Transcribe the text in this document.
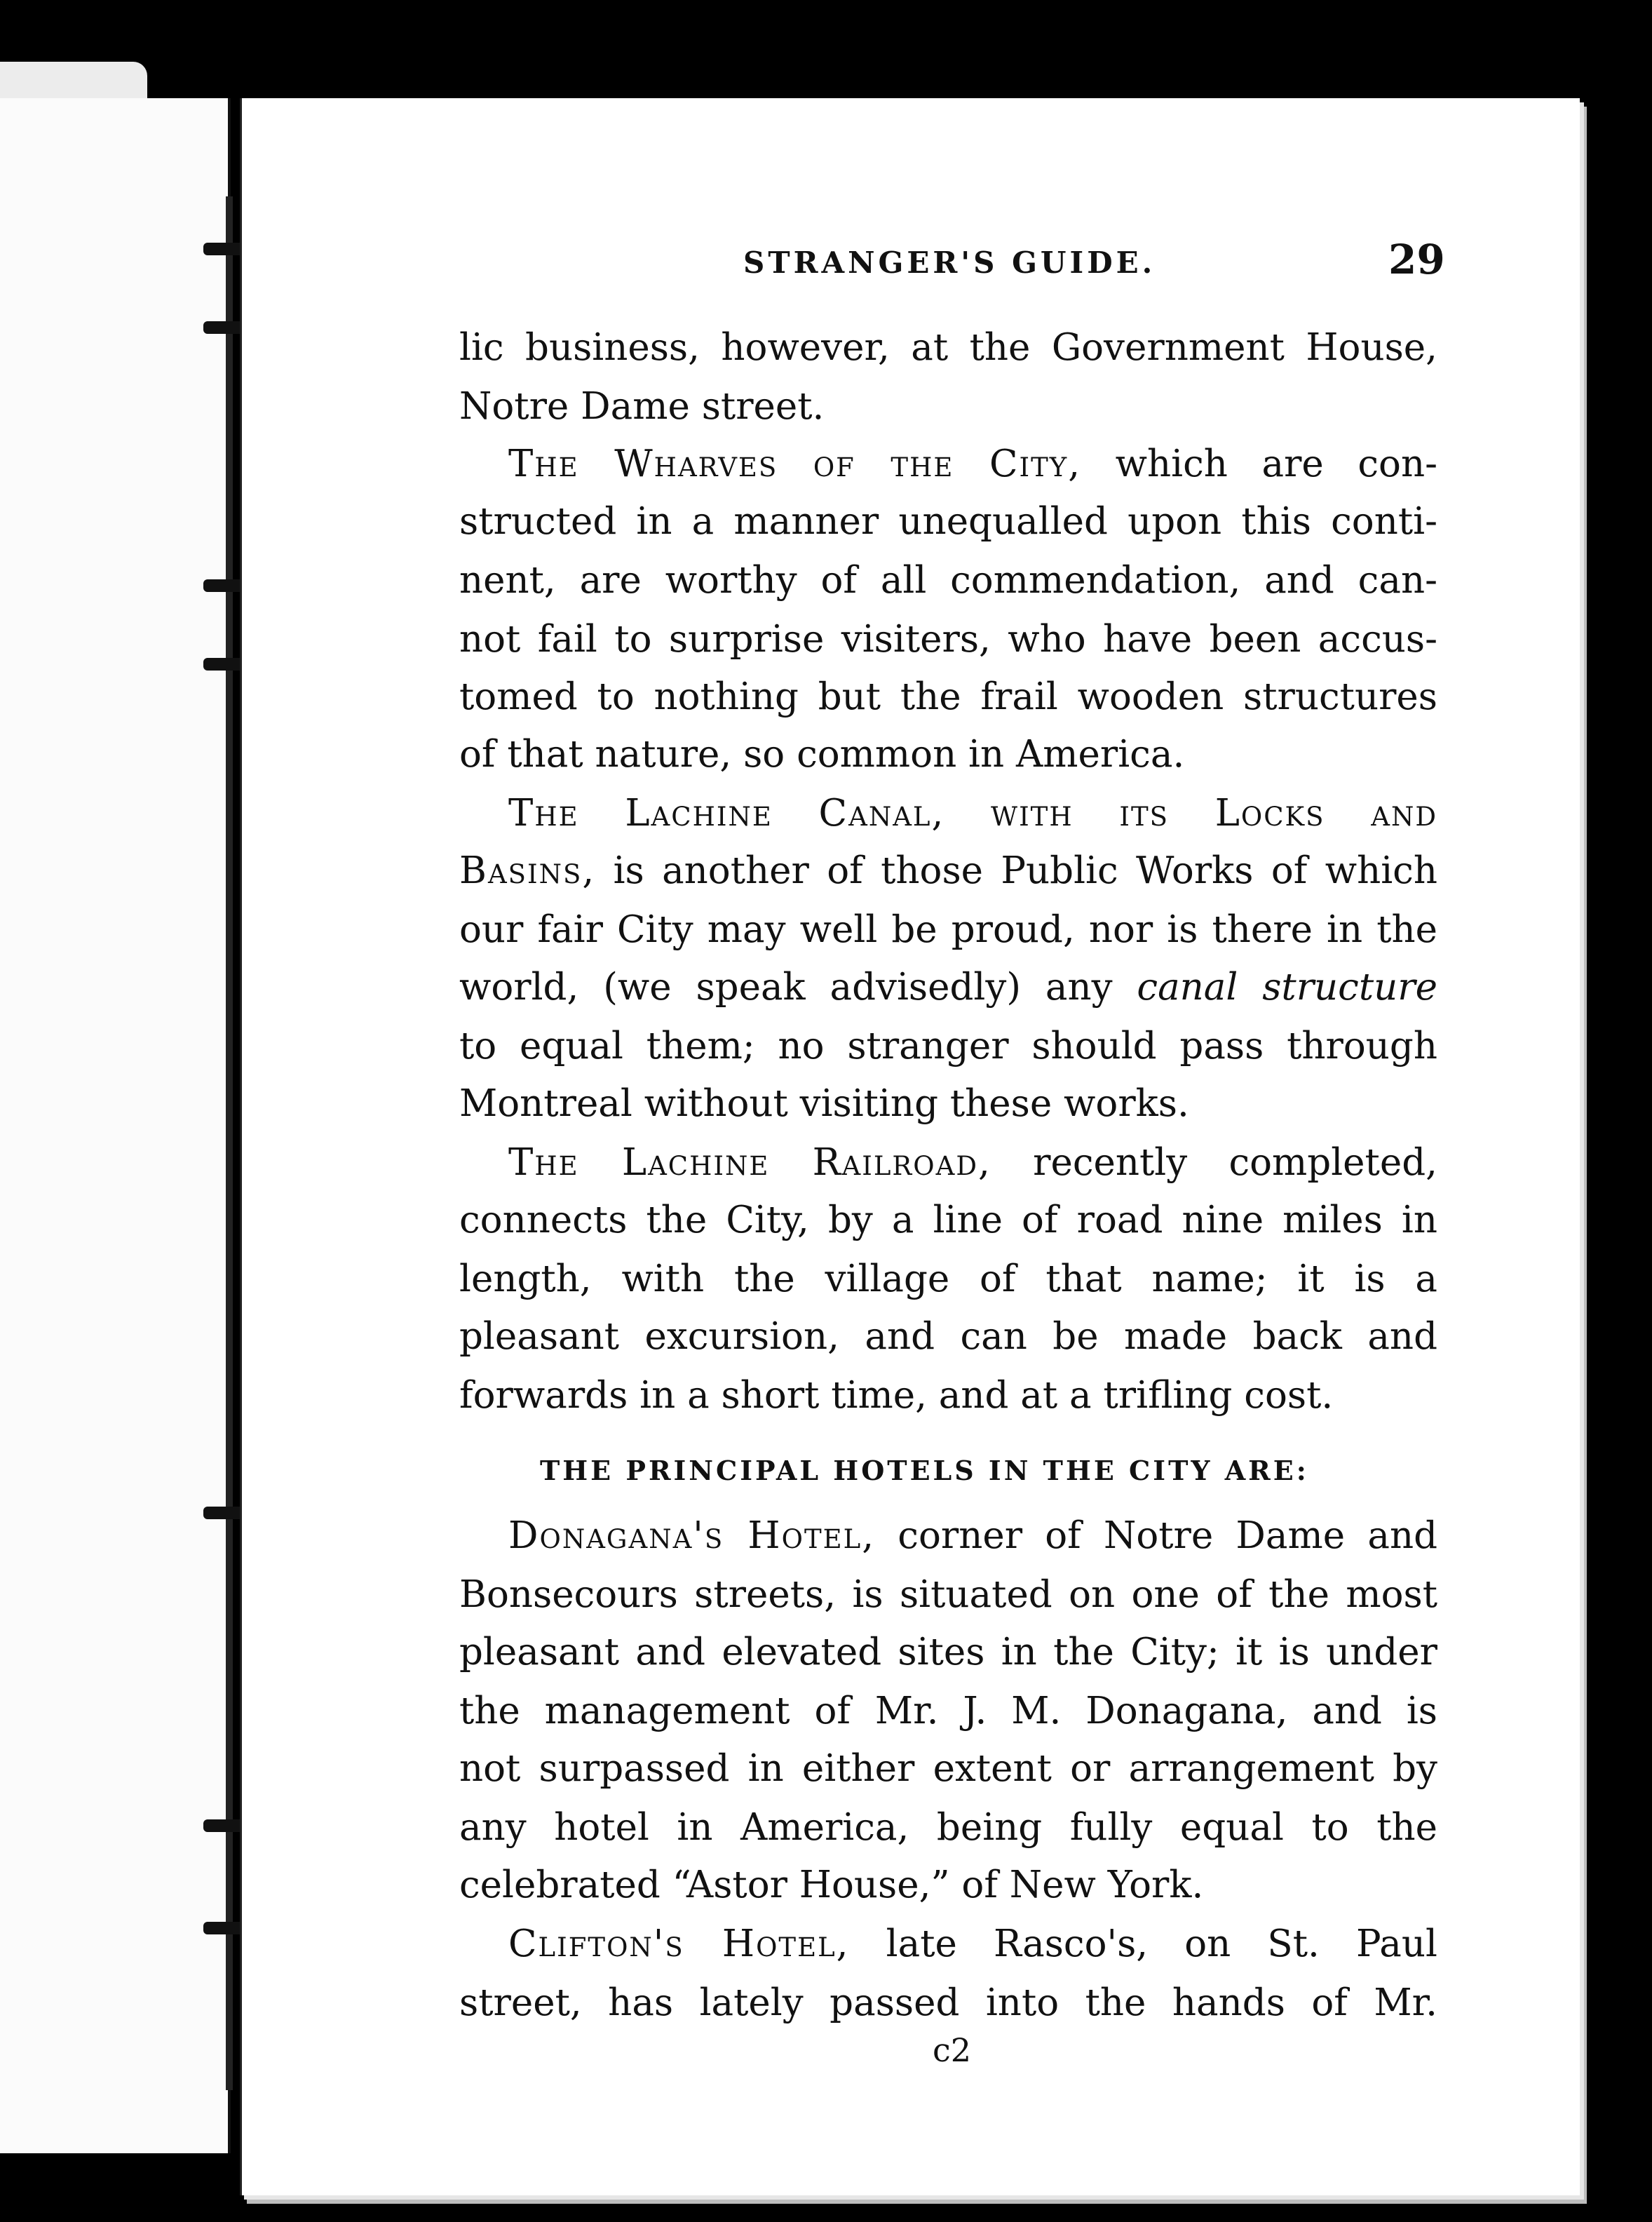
STRANGER'S GUIDE.	29
lic business, however, at the Government House,
Notre Dame street.
The Wharves of the City, which are con-
structed in a manner unequalled upon this conti-
nent, are worthy of all commendation, and can-
not fail to surprise visiters, who have been accus-
tomed to nothing but the frail wooden structures
of that nature, so common in America.
The Lachine Canal, with its Locks and
Basins, is another of those Public Works of which
our fair City may well be proud, nor is there in the
world, (we speak advisedly) any canal structure
to equal them; no stranger should pass through
Montreal without visiting these works.
The Lachine Railroad, recently completed,
connects the City, by a line of road nine miles in
length, with the village of that name; it is a
pleasant excursion, and can be made back and
forwards in a short time, and at a trifling cost.
THE PRINCIPAL HOTELS IN THE CITY ARE:
Donagana's Hotel, corner of Notre Dame and
Bonsecours streets, is situated on one of the most
pleasant and elevated sites in the City; it is under
the management of Mr. J. M. Donagana, and is
not surpassed in either extent or arrangement by
any hotel in America, being fully equal to the
celebrated “Astor House,” of New York.
Clifton's Hotel, late Rasco's, on St. Paul
street, has lately passed into the hands of Mr.
c2
